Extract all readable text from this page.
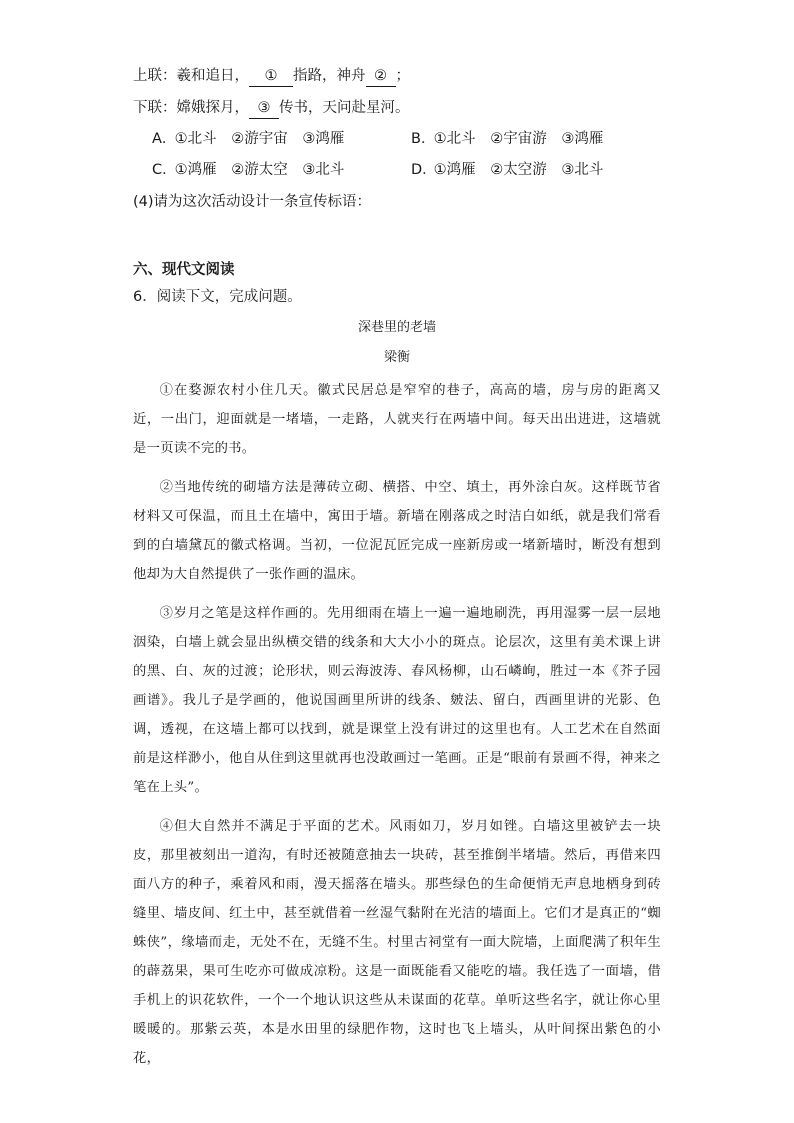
上联：羲和追日， ① 指路，神舟 ② ；
下联：嫦娥探月， ③ 传书，天问赴星河。
A． ①北斗 ②游宇宙 ③鸿雁	B． ①北斗 ②宇宙游 ③鸿雁
C． ①鸿雁 ②游太空 ③北斗	D． ①鸿雁 ②太空游 ③北斗
(4)请为这次活动设计一条宣传标语：
六、现代文阅读
6．阅读下文，完成问题。
深巷里的老墙
梁衡

①在婺源农村小住几天。徽式民居总是窄窄的巷子，高高的墙，房与房的距离又近，一出门，迎面就是一堵墙，一走路，人就夹行在两墙中间。每天出出进进，这墙就是一页读不完的书。

②当地传统的砌墙方法是薄砖立砌、横搭、中空、填土，再外涂白灰。这样既节省材料又可保温，而且土在墙中，寓田于墙。新墙在刚落成之时洁白如纸，就是我们常看到的白墙黛瓦的徽式格调。当初，一位泥瓦匠完成一座新房或一堵新墙时，断没有想到他却为大自然提供了一张作画的温床。

③岁月之笔是这样作画的。先用细雨在墙上一遍一遍地刷洗，再用湿雾一层一层地洇染，白墙上就会显出纵横交错的线条和大大小小的斑点。论层次，这里有美术课上讲的黑、白、灰的过渡；论形状，则云海波涛、春风杨柳，山石嶙峋，胜过一本《芥子园画谱》。我儿子是学画的，他说国画里所讲的线条、皴法、留白，西画里讲的光影、色调，透视，在这墙上都可以找到，就是课堂上没有讲过的这里也有。人工艺术在自然面前是这样渺小，他自从住到这里就再也没敢画过一笔画。正是“眼前有景画不得，神来之笔在上头”。

④但大自然并不满足于平面的艺术。风雨如刀，岁月如锉。白墙这里被铲去一块皮，那里被刻出一道沟，有时还被随意抽去一块砖，甚至推倒半堵墙。然后，再借来四面八方的种子，乘着风和雨，漫天摇落在墙头。那些绿色的生命便悄无声息地栖身到砖缝里、墙皮间、红土中，甚至就借着一丝湿气黏附在光洁的墙面上。它们才是真正的“蜘蛛侠”，缘墙而走，无处不在，无缝不生。村里古祠堂有一面大院墙，上面爬满了积年生的薜荔果，果可生吃亦可做成凉粉。这是一面既能看又能吃的墙。我任选了一面墙，借手机上的识花软件，一个一个地认识这些从未谋面的花草。单听这些名字，就让你心里暖暖的。那紫云英，本是水田里的绿肥作物，这时也飞上墙头，从叶间探出紫色的小花，
